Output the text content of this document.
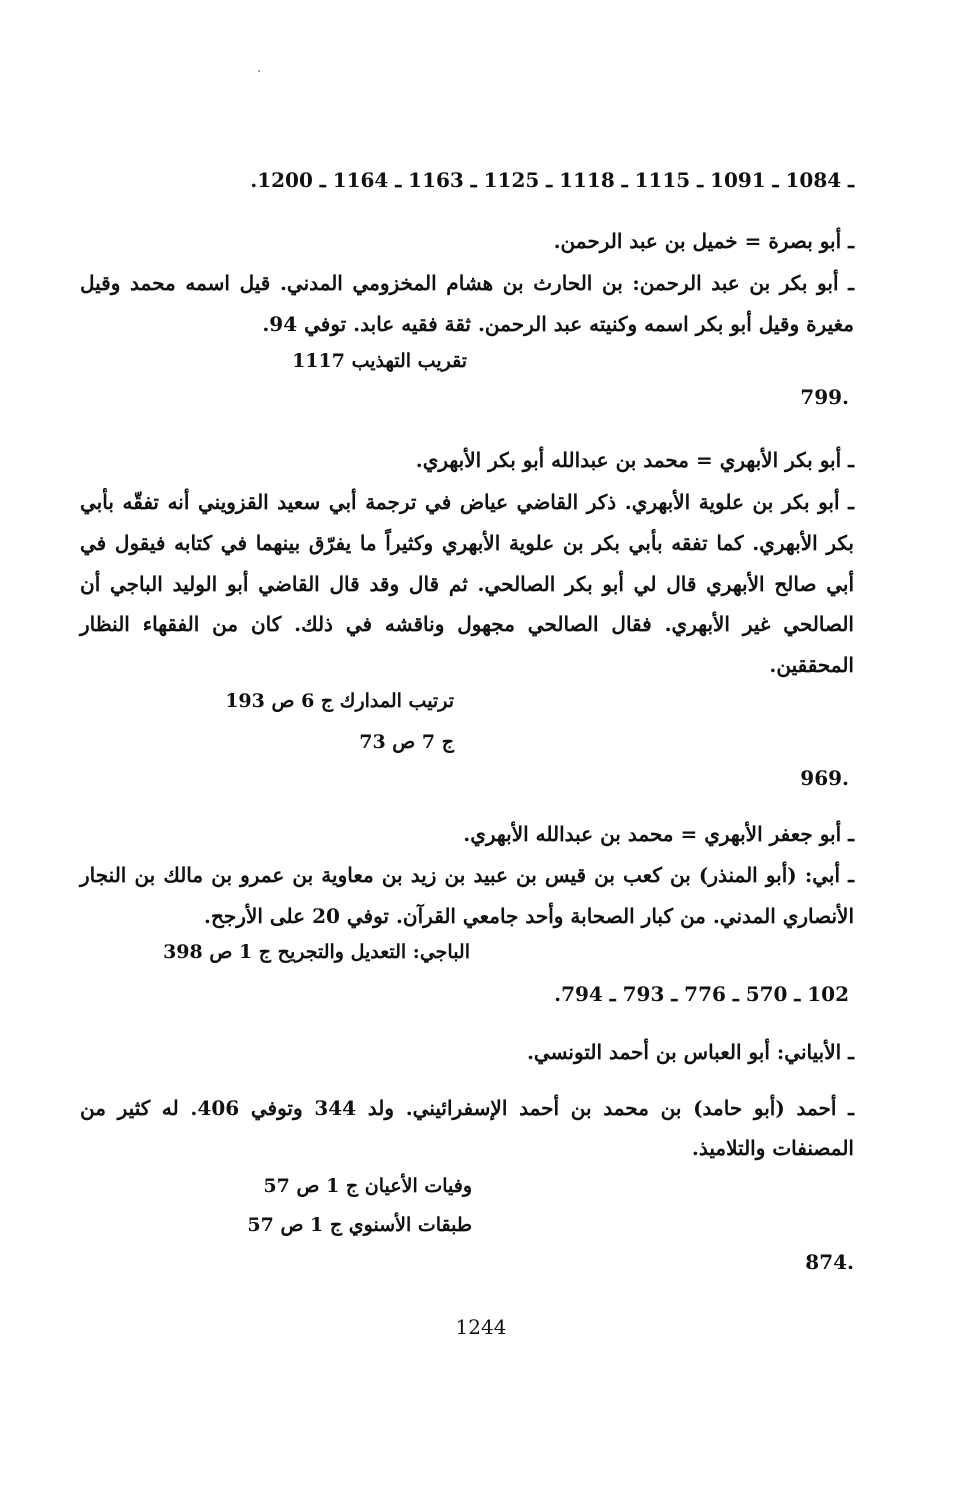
ـ 1084 ـ 1091 ـ 1115 ـ 1118 ـ 1125 ـ 1163 ـ 1164 ـ 1200.
ـ أبو بصرة = خميل بن عبد الرحمن.
ـ أبو بكر بن عبد الرحمن: بن الحارث بن هشام المخزومي المدني. قيل اسمه محمد وقيل
مغيرة وقيل أبو بكر اسمه وكنيته عبد الرحمن. ثقة فقيه عابد. توفي 94.
تقريب التهذيب 1117
799.
ـ أبو بكر الأبهري = محمد بن عبدالله أبو بكر الأبهري.
ـ أبو بكر بن علوية الأبهري. ذكر القاضي عياض في ترجمة أبي سعيد القزويني أنه تفقّه بأبي
بكر الأبهري. كما تفقه بأبي بكر بن علوية الأبهري وكثيراً ما يفرّق بينهما في كتابه فيقول في
أبي صالح الأبهري قال لي أبو بكر الصالحي. ثم قال وقد قال القاضي أبو الوليد الباجي أن
الصالحي غير الأبهري. فقال الصالحي مجهول وناقشه في ذلك. كان من الفقهاء النظار
المحققين.
ترتيب المدارك ج 6 ص 193
ج 7 ص 73
969.
ـ أبو جعفر الأبهري = محمد بن عبدالله الأبهري.
ـ أبي: (أبو المنذر) بن كعب بن قيس بن عبيد بن زيد بن معاوية بن عمرو بن مالك بن النجار
الأنصاري المدني. من كبار الصحابة وأحد جامعي القرآن. توفي 20 على الأرجح.
الباجي: التعديل والتجريح ج 1 ص 398
102 ـ 570 ـ 776 ـ 793 ـ 794.
ـ الأبياني: أبو العباس بن أحمد التونسي.
ـ أحمد (أبو حامد) بن محمد بن أحمد الإسفرائيني. ولد 344 وتوفي 406. له كثير من
المصنفات والتلاميذ.
وفيات الأعيان ج 1 ص 57
طبقات الأسنوي ج 1 ص 57
874.
1244
